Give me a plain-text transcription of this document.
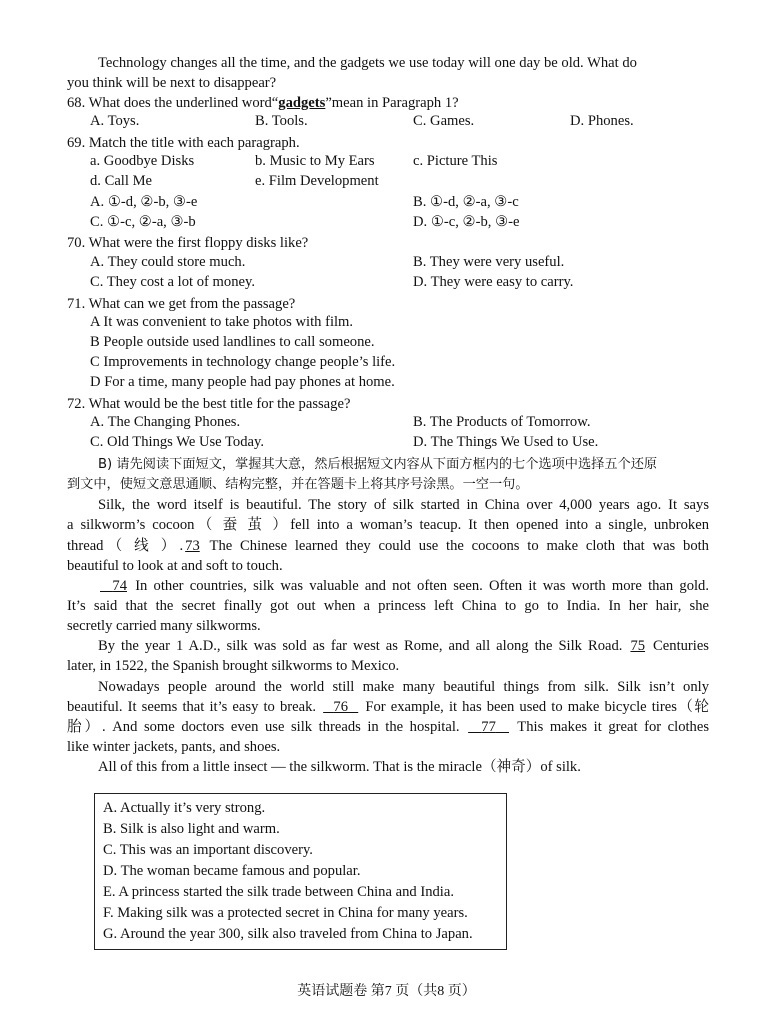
Technology changes all the time, and the gadgets we use today will one day be old. What do
you think will be next to disappear?
68. What does the underlined word“gadgets”mean in Paragraph 1?
A. Toys.	B. Tools.	C. Games.	D. Phones.
69. Match the title with each paragraph.
a. Goodbye Disks	b. Music to My Ears	c. Picture This
d. Call Me	e. Film Development
A. ①-d, ②-b, ③-e	B. ①-d, ②-a, ③-c
C. ①-c, ②-a, ③-b	D. ①-c, ②-b, ③-e
70. What were the first floppy disks like?
A. They could store much.	B. They were very useful.
C. They cost a lot of money.	D. They were easy to carry.
71. What can we get from the passage?
A It was convenient to take photos with film.
B People outside used landlines to call someone.
C Improvements in technology change people’s life.
D For a time, many people had pay phones at home.
72. What would be the best title for the passage?
A. The Changing Phones.	B. The Products of Tomorrow.
C. Old Things We Use Today.	D. The Things We Used to Use.
B) 请先阅读下面短文，掌握其大意，然后根据短文内容从下面方框内的七个选项中选择五个还原
到文中，使短文意思通顺、结构完整，并在答题卡上将其序号涂黑。一空一句。
Silk, the word itself is beautiful. The story of silk started in China over 4,000 years ago. It says
a silkworm’s cocoon（ 蚕 茧 ）fell into a woman’s teacup. It then opened into a single, unbroken
thread（ 线 ）. 73 The Chinese learned they could use the cocoons to make cloth that was both
beautiful to look at and soft to touch.
74 In other countries, silk was valuable and not often seen. Often it was worth more than gold.
It’s said that the secret finally got out when a princess left China to go to India. In her hair, she
secretly carried many silkworms.
By the year 1 A.D., silk was sold as far west as Rome, and all along the Silk Road. 75 Centuries
later, in 1522, the Spanish brought silkworms to Mexico.
Nowadays people around the world still make many beautiful things from silk. Silk isn’t only
beautiful. It seems that it’s easy to break.   76   For example, it has been used to make bicycle tires（轮
胎）. And some doctors even use silk threads in the hospital.   77   This makes it great for clothes
like winter jackets, pants, and shoes.
All of this from a little insect — the silkworm. That is the miracle（神奇）of silk.
A. Actually it’s very strong.
B. Silk is also light and warm.
C. This was an important discovery.
D. The woman became famous and popular.
E. A princess started the silk trade between China and India.
F. Making silk was a protected secret in China for many years.
G. Around the year 300, silk also traveled from China to Japan.
英语试题卷 第7 页（共8 页）
